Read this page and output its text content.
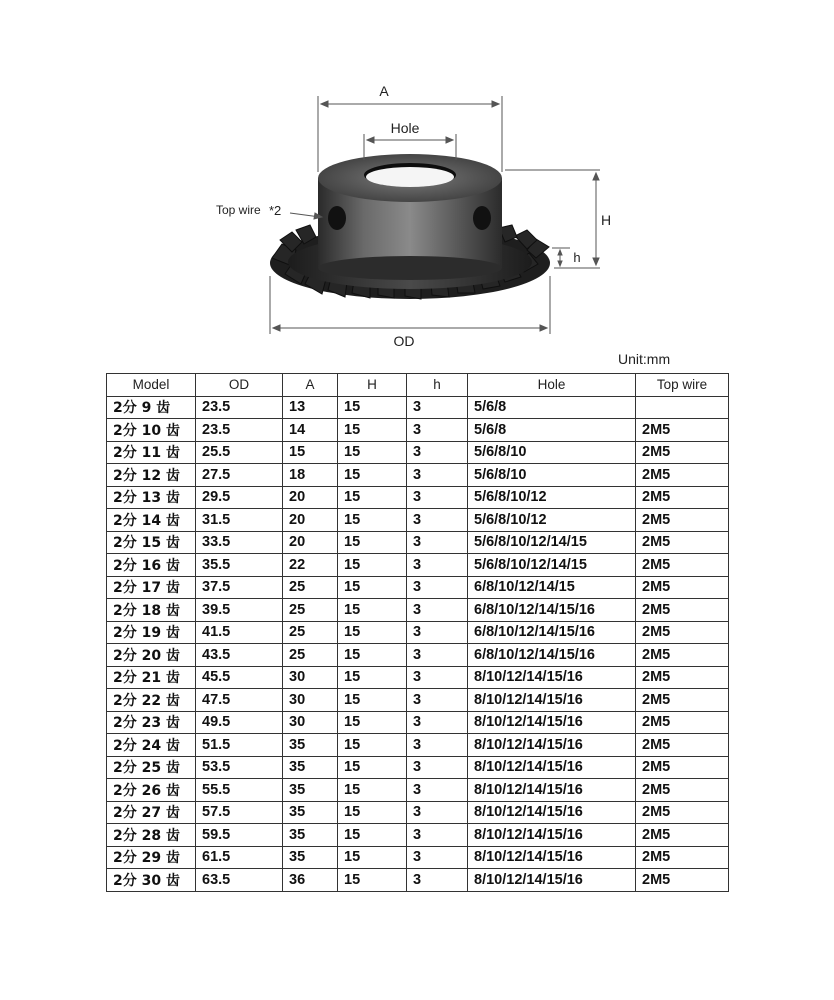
A
Hole
H
h
OD
Top wire *2
Unit:mm
Model	OD	A	H	h	Hole	Top wire
2分 9 齿	23.5	13	15	3	5/6/8	
2分 10 齿	23.5	14	15	3	5/6/8	2M5
2分 11 齿	25.5	15	15	3	5/6/8/10	2M5
2分 12 齿	27.5	18	15	3	5/6/8/10	2M5
2分 13 齿	29.5	20	15	3	5/6/8/10/12	2M5
2分 14 齿	31.5	20	15	3	5/6/8/10/12	2M5
2分 15 齿	33.5	20	15	3	5/6/8/10/12/14/15	2M5
2分 16 齿	35.5	22	15	3	5/6/8/10/12/14/15	2M5
2分 17 齿	37.5	25	15	3	6/8/10/12/14/15	2M5
2分 18 齿	39.5	25	15	3	6/8/10/12/14/15/16	2M5
2分 19 齿	41.5	25	15	3	6/8/10/12/14/15/16	2M5
2分 20 齿	43.5	25	15	3	6/8/10/12/14/15/16	2M5
2分 21 齿	45.5	30	15	3	8/10/12/14/15/16	2M5
2分 22 齿	47.5	30	15	3	8/10/12/14/15/16	2M5
2分 23 齿	49.5	30	15	3	8/10/12/14/15/16	2M5
2分 24 齿	51.5	35	15	3	8/10/12/14/15/16	2M5
2分 25 齿	53.5	35	15	3	8/10/12/14/15/16	2M5
2分 26 齿	55.5	35	15	3	8/10/12/14/15/16	2M5
2分 27 齿	57.5	35	15	3	8/10/12/14/15/16	2M5
2分 28 齿	59.5	35	15	3	8/10/12/14/15/16	2M5
2分 29 齿	61.5	35	15	3	8/10/12/14/15/16	2M5
2分 30 齿	63.5	36	15	3	8/10/12/14/15/16	2M5
